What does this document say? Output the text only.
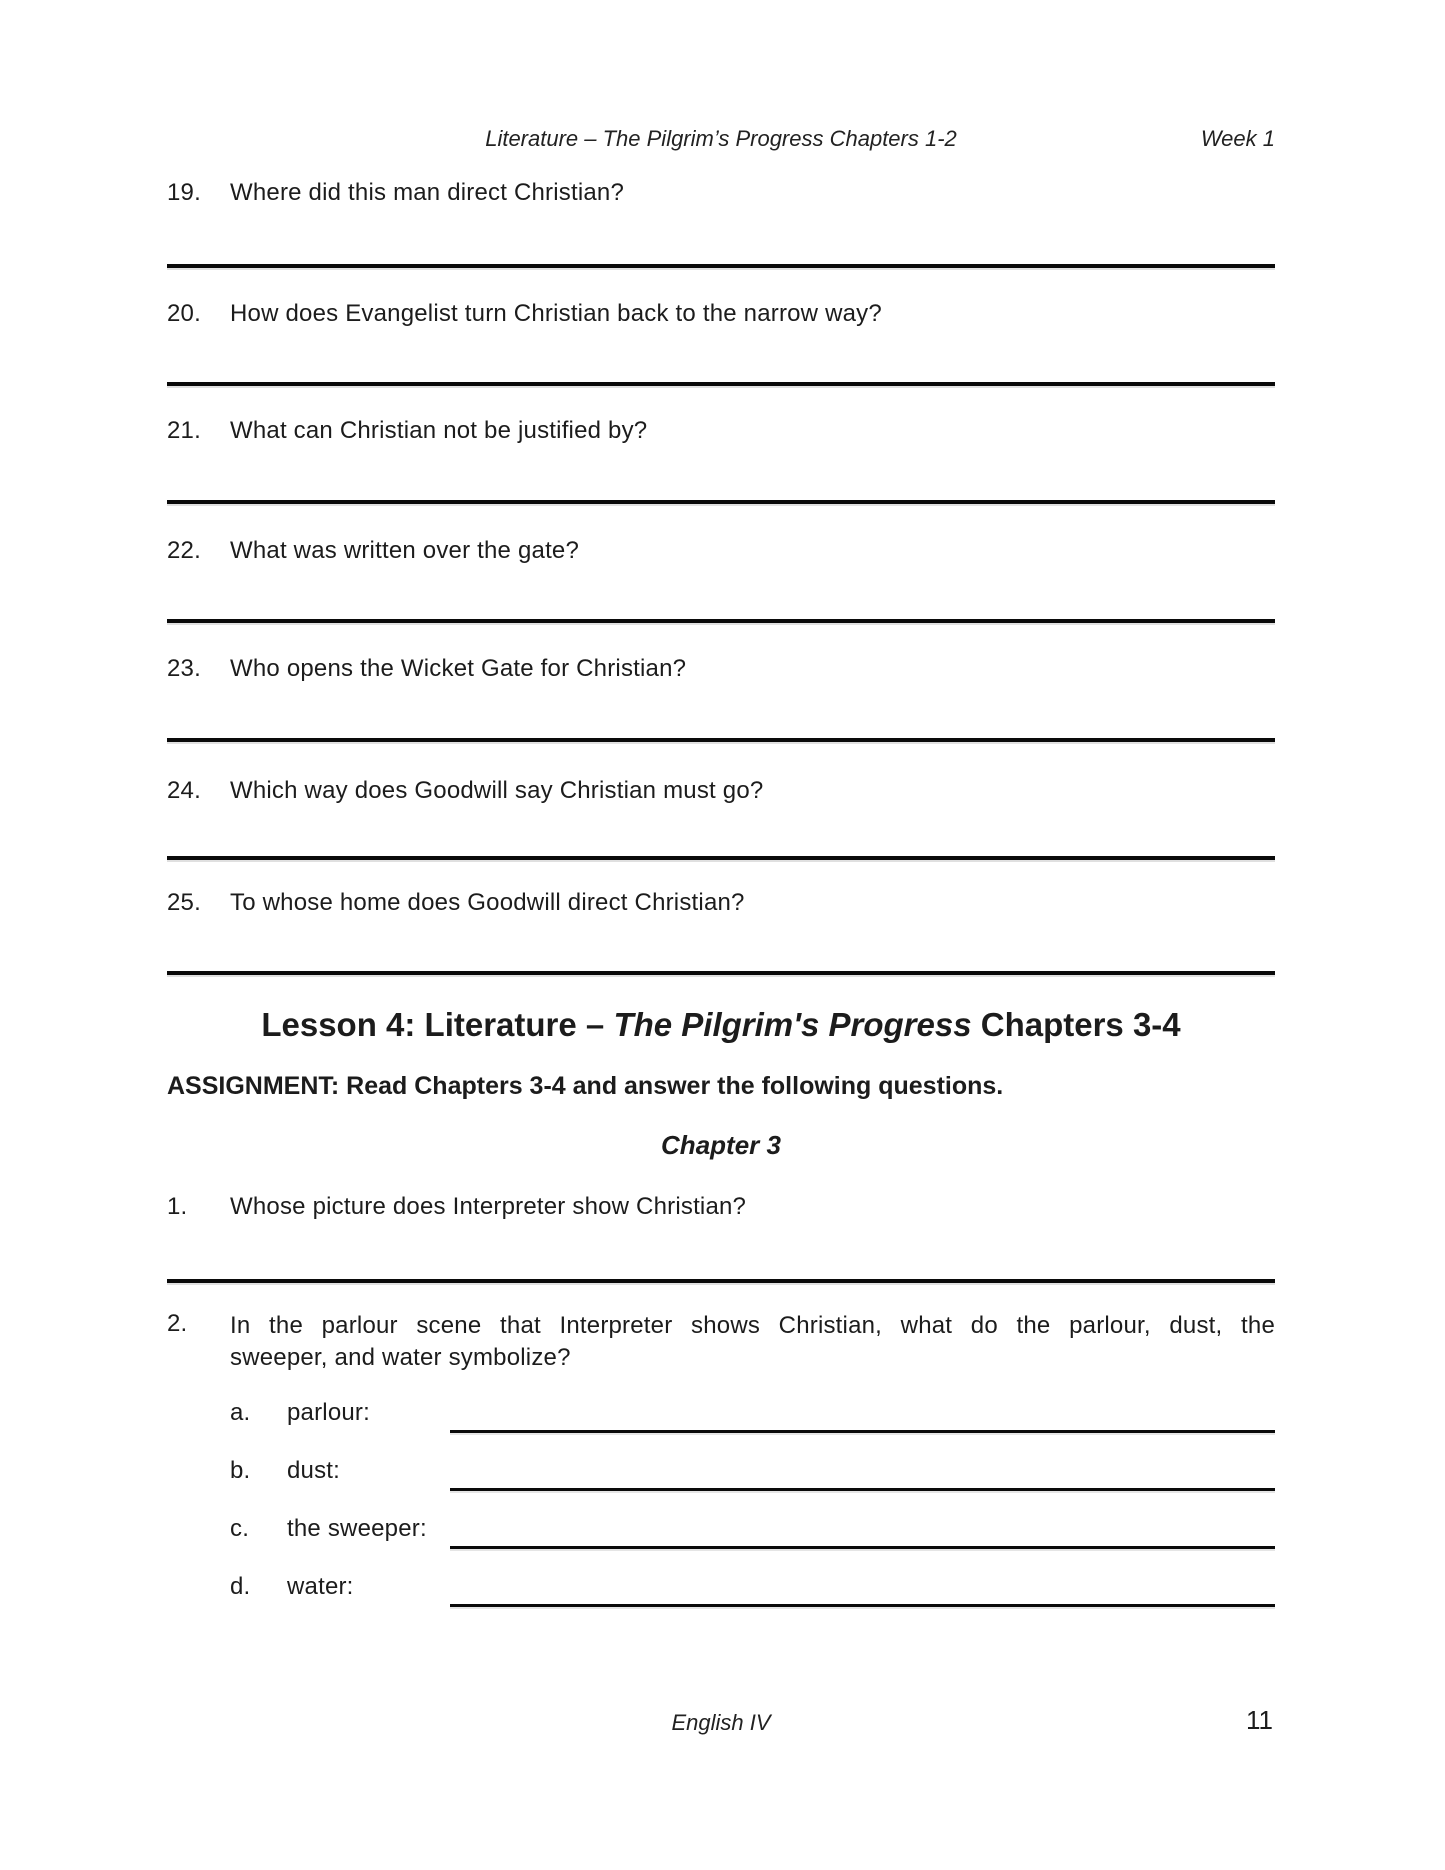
Literature – The Pilgrim’s Progress Chapters 1-2	Week 1
19. Where did this man direct Christian?
20. How does Evangelist turn Christian back to the narrow way?
21. What can Christian not be justified by?
22. What was written over the gate?
23. Who opens the Wicket Gate for Christian?
24. Which way does Goodwill say Christian must go?
25. To whose home does Goodwill direct Christian?
Lesson 4: Literature – The Pilgrim's Progress Chapters 3-4
ASSIGNMENT: Read Chapters 3-4 and answer the following questions.
Chapter 3
1. Whose picture does Interpreter show Christian?
2.	In the parlour scene that Interpreter shows Christian, what do the parlour, dust, the
sweeper, and water symbolize?
a. parlour:
b. dust:
c. the sweeper:
d. water:
English IV	11
